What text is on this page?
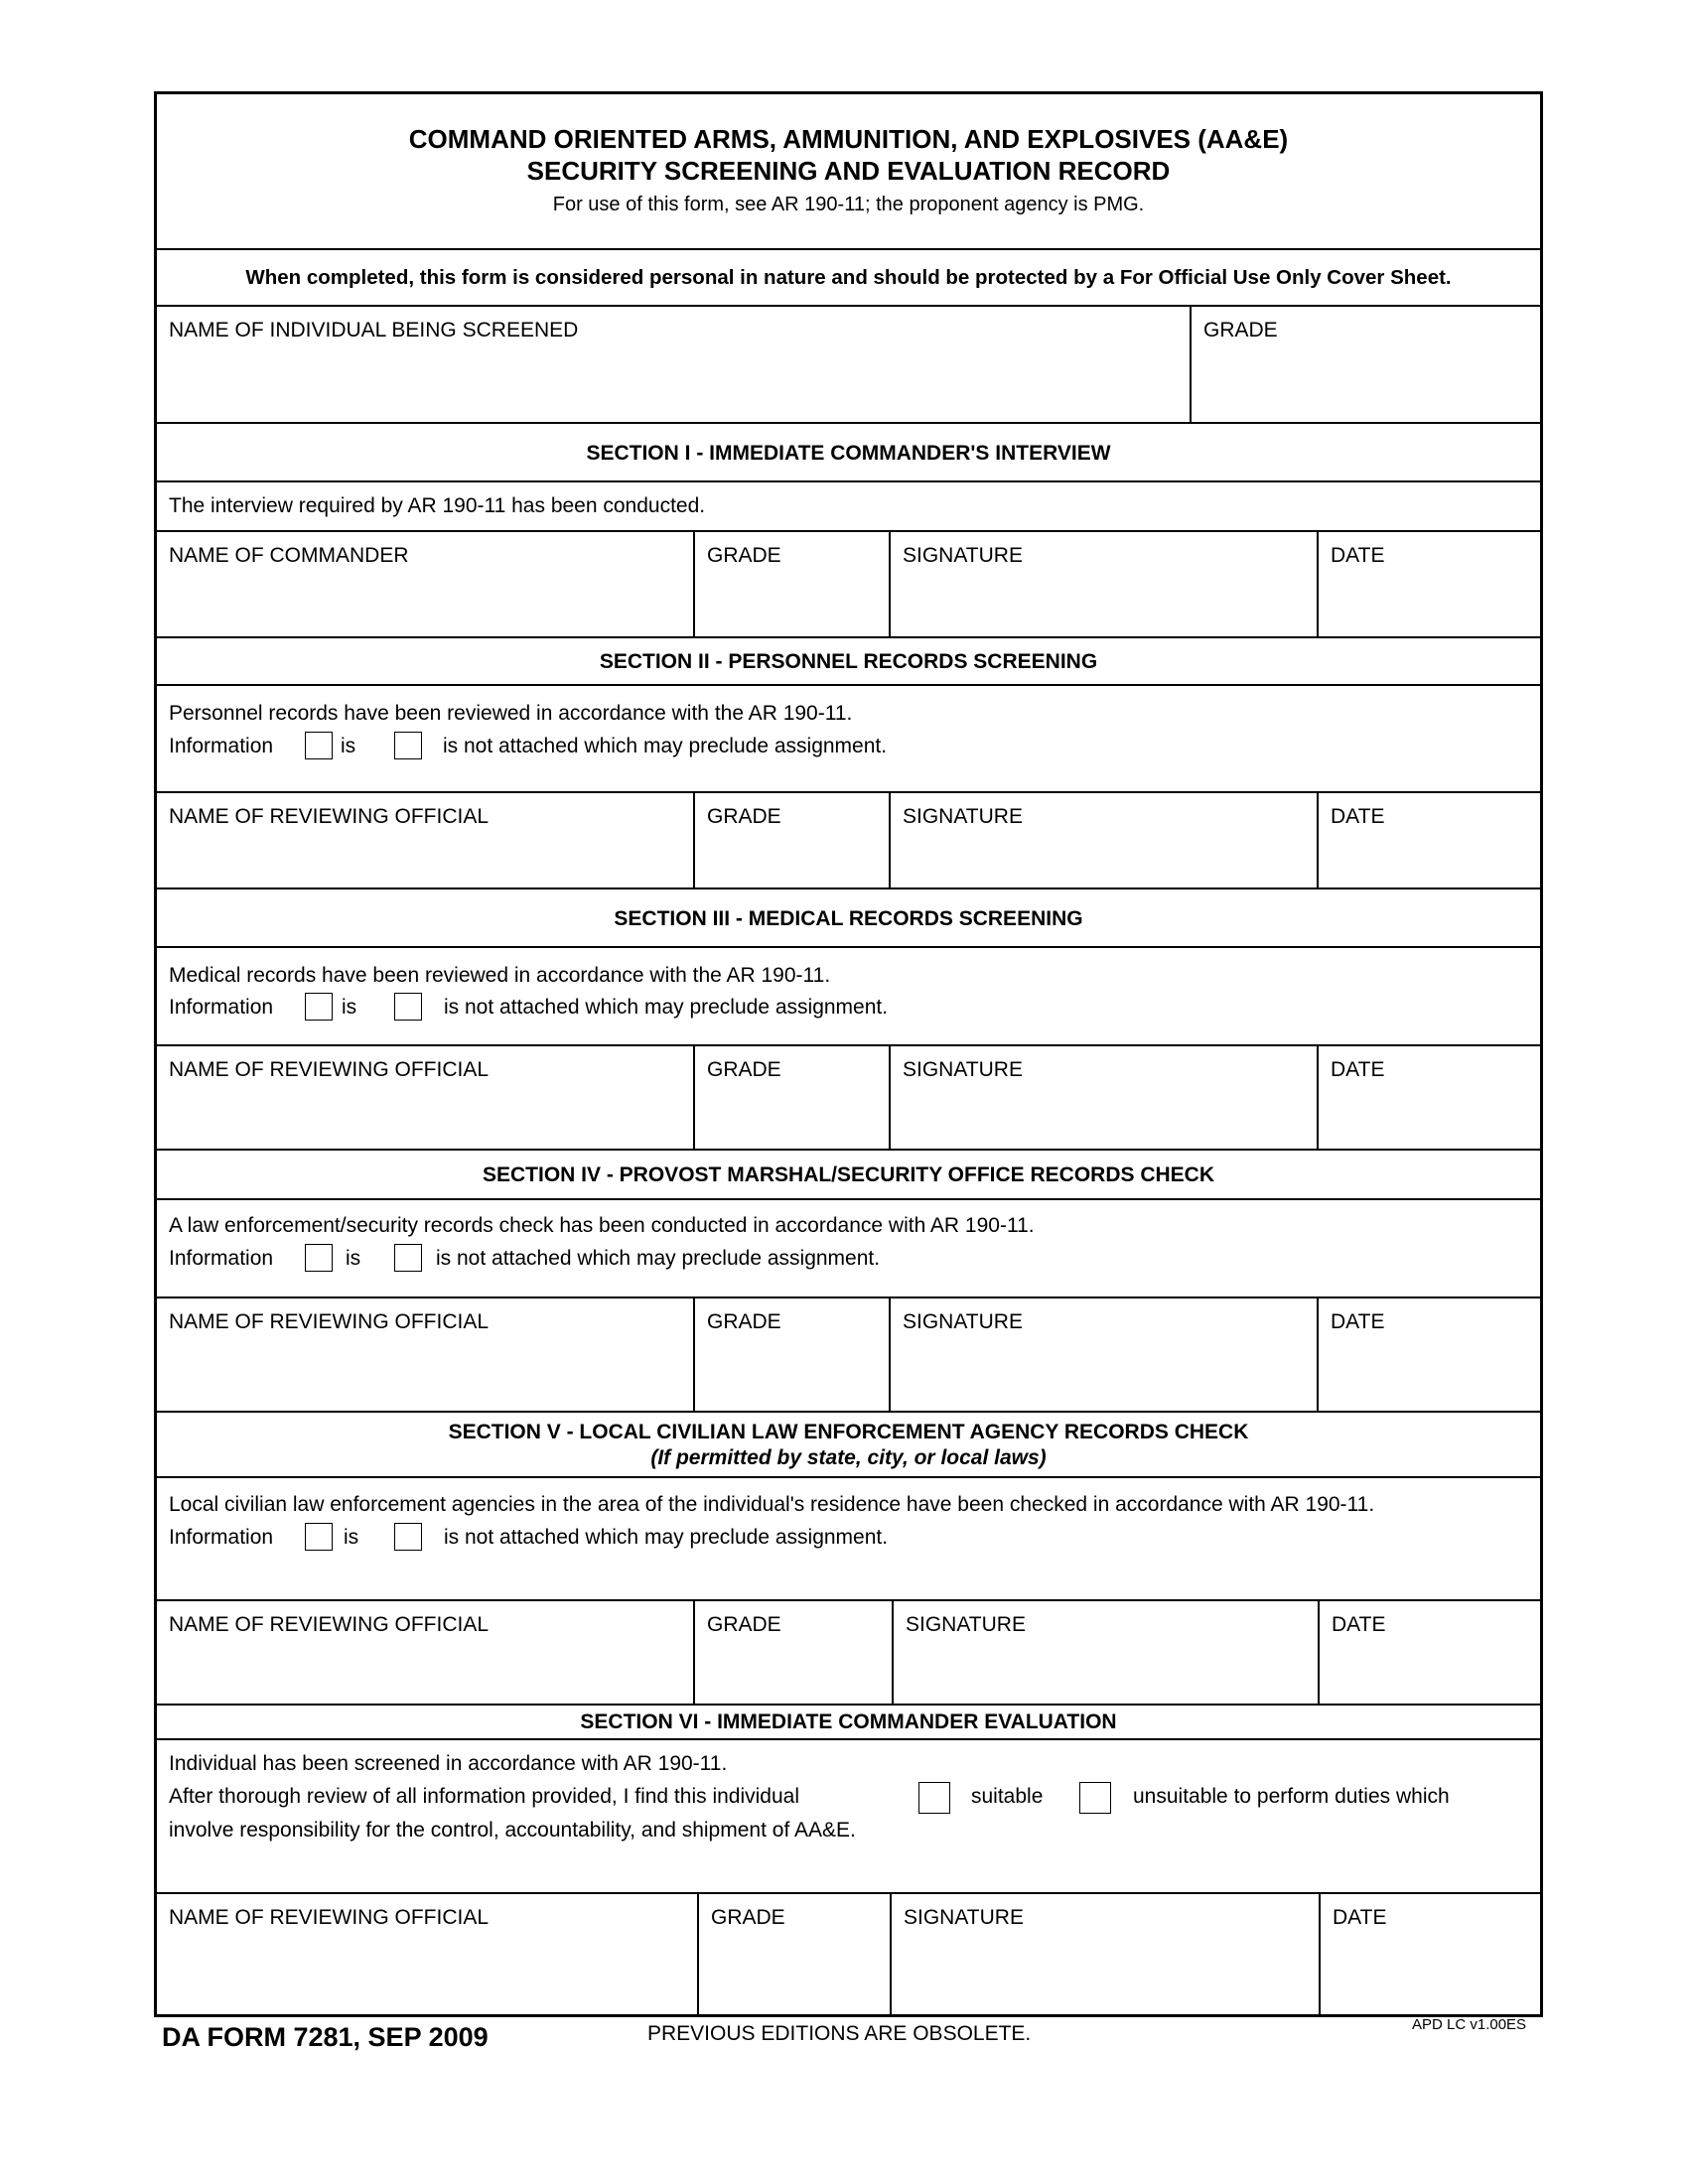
COMMAND ORIENTED ARMS, AMMUNITION, AND EXPLOSIVES (AA&E)
SECURITY SCREENING AND EVALUATION RECORD
For use of this form, see AR 190-11; the proponent agency is PMG.
When completed, this form is considered personal in nature and should be protected by a For Official Use Only Cover Sheet.
NAME OF INDIVIDUAL BEING SCREENED	GRADE
SECTION I - IMMEDIATE COMMANDER'S INTERVIEW
The interview required by AR 190-11 has been conducted.
NAME OF COMMANDER	GRADE	SIGNATURE	DATE
SECTION II - PERSONNEL RECORDS SCREENING
Personnel records have been reviewed in accordance with the AR 190-11.
Information	is	is not attached which may preclude assignment.
NAME OF REVIEWING OFFICIAL	GRADE	SIGNATURE	DATE
SECTION III - MEDICAL RECORDS SCREENING
Medical records have been reviewed in accordance with the AR 190-11.
Information	is	is not attached which may preclude assignment.
NAME OF REVIEWING OFFICIAL	GRADE	SIGNATURE	DATE
SECTION IV - PROVOST MARSHAL/SECURITY OFFICE RECORDS CHECK
A law enforcement/security records check has been conducted in accordance with AR 190-11.
Information	is	is not attached which may preclude assignment.
NAME OF REVIEWING OFFICIAL	GRADE	SIGNATURE	DATE
SECTION V - LOCAL CIVILIAN LAW ENFORCEMENT AGENCY RECORDS CHECK
(If permitted by state, city, or local laws)
Local civilian law enforcement agencies in the area of the individual's residence have been checked in accordance with AR 190-11.
Information	is	is not attached which may preclude assignment.
NAME OF REVIEWING OFFICIAL	GRADE	SIGNATURE	DATE
SECTION VI - IMMEDIATE COMMANDER EVALUATION
Individual has been screened in accordance with AR 190-11.
After thorough review of all information provided, I find this individual	suitable	unsuitable to perform duties which
involve responsibility for the control, accountability, and shipment of AA&E.
NAME OF REVIEWING OFFICIAL	GRADE	SIGNATURE	DATE
DA FORM 7281, SEP 2009	PREVIOUS EDITIONS ARE OBSOLETE.	APD LC v1.00ES
